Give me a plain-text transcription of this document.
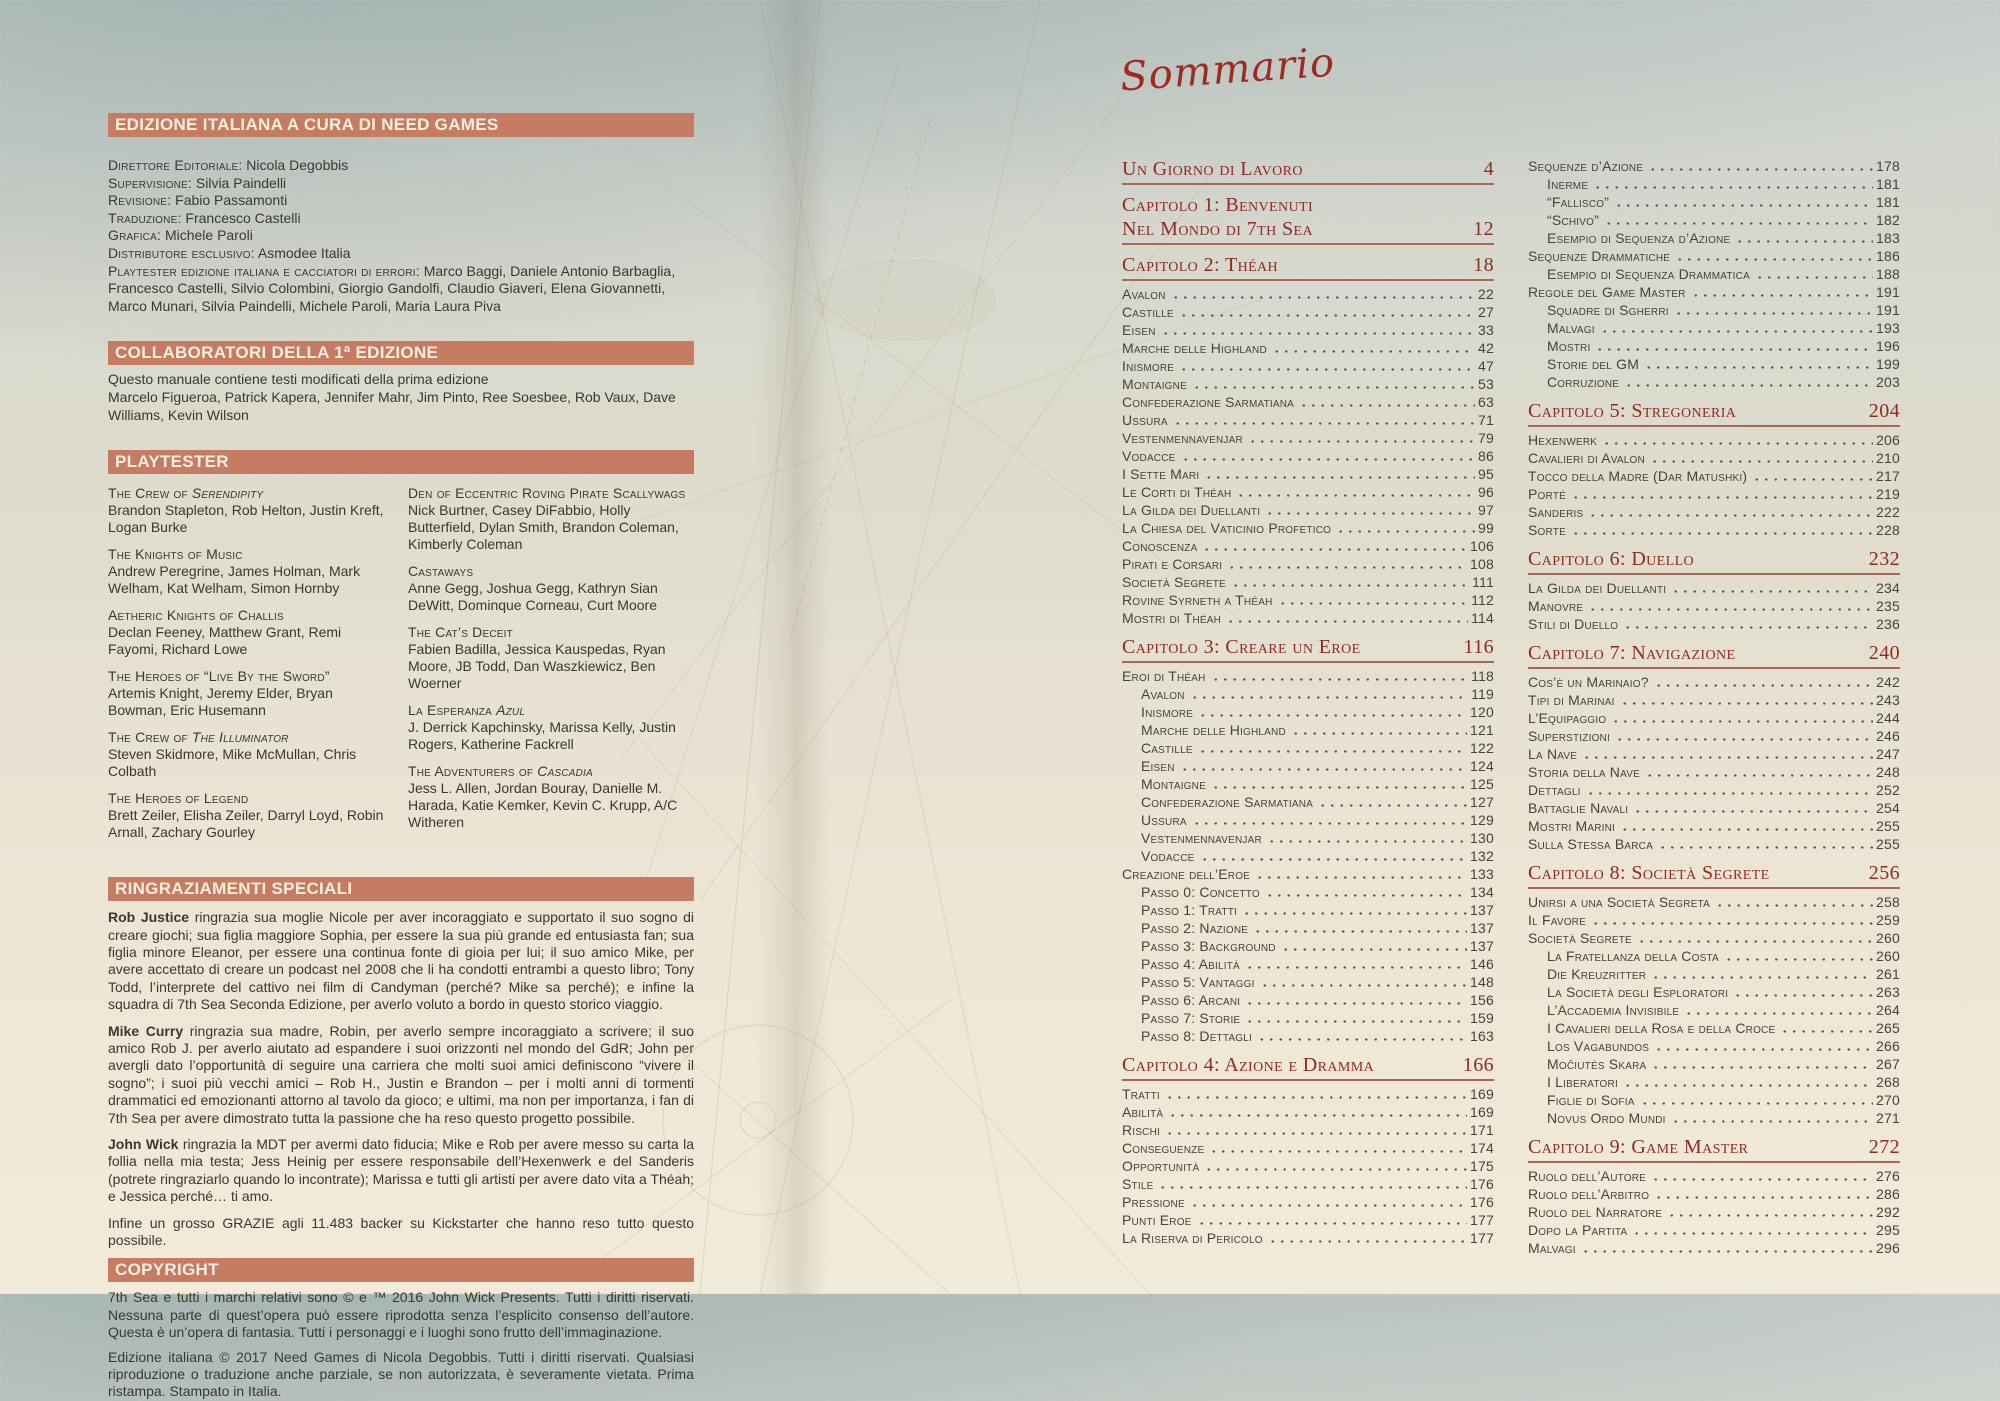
EDIZIONE ITALIANA A CURA DI NEED GAMES
Direttore Editoriale: Nicola Degobbis
Supervisione: Silvia Paindelli
Revisione: Fabio Passamonti
Traduzione: Francesco Castelli
Grafica: Michele Paroli
Distributore esclusivo: Asmodee Italia
Playtester edizione italiana e cacciatori di errori: Marco Baggi, Daniele Antonio Barbaglia, Francesco Castelli, Silvio Colombini, Giorgio Gandolfi, Claudio Giaveri, Elena Giovannetti, Marco Munari, Silvia Paindelli, Michele Paroli, Maria Laura Piva
COLLABORATORI DELLA 1ª EDIZIONE
Questo manuale contiene testi modificati della prima edizione
Marcelo Figueroa, Patrick Kapera, Jennifer Mahr, Jim Pinto, Ree Soesbee, Rob Vaux, Dave Williams, Kevin Wilson
PLAYTESTER
The Crew of Serendipity
Brandon Stapleton, Rob Helton, Justin Kreft, Logan Burke
The Knights of Music
Andrew Peregrine, James Holman, Mark Welham, Kat Welham, Simon Hornby
Aetheric Knights of Challis
Declan Feeney, Matthew Grant, Remi Fayomi, Richard Lowe
The Heroes of “Live By the Sword”
Artemis Knight, Jeremy Elder, Bryan Bowman, Eric Husemann
The Crew of The Illuminator
Steven Skidmore, Mike McMullan, Chris Colbath
The Heroes of Legend
Brett Zeiler, Elisha Zeiler, Darryl Loyd, Robin Arnall, Zachary Gourley
Den of Eccentric Roving Pirate Scallywags
Nick Burtner, Casey DiFabbio, Holly Butterfield, Dylan Smith, Brandon Coleman, Kimberly Coleman
Castaways
Anne Gegg, Joshua Gegg, Kathryn Sian DeWitt, Dominque Corneau, Curt Moore
The Cat’s Deceit
Fabien Badilla, Jessica Kauspedas, Ryan Moore, JB Todd, Dan Waszkiewicz, Ben Woerner
La Esperanza Azul
J. Derrick Kapchinsky, Marissa Kelly, Justin Rogers, Katherine Fackrell
The Adventurers of Cascadia
Jess L. Allen, Jordan Bouray, Danielle M. Harada, Katie Kemker, Kevin C. Krupp, A/C Witheren
RINGRAZIAMENTI SPECIALI

Rob Justice ringrazia sua moglie Nicole per aver incoraggiato e supportato il suo sogno di creare giochi; sua figlia maggiore Sophia, per essere la sua più grande ed entusiasta fan; sua figlia minore Eleanor, per essere una continua fonte di gioia per lui; il suo amico Mike, per avere accettato di creare un podcast nel 2008 che li ha condotti entrambi a questo libro; Tony Todd, l’interprete del cattivo nei film di Candyman (perché? Mike sa perché); e infine la squadra di 7th Sea Seconda Edizione, per averlo voluto a bordo in questo storico viaggio.

Mike Curry ringrazia sua madre, Robin, per averlo sempre incoraggiato a scrivere; il suo amico Rob J. per averlo aiutato ad espandere i suoi orizzonti nel mondo del GdR; John per avergli dato l’opportunità di seguire una carriera che molti suoi amici definiscono “vivere il sogno”; i suoi più vecchi amici – Rob H., Justin e Brandon – per i molti anni di tormenti drammatici ed emozionanti attorno al tavolo da gioco; e ultimi, ma non per importanza, i fan di 7th Sea per avere dimostrato tutta la passione che ha reso questo progetto possibile.

John Wick ringrazia la MDT per avermi dato fiducia; Mike e Rob per avere messo su carta la follia nella mia testa; Jess Heinig per essere responsabile dell’Hexenwerk e del Sanderis (potrete ringraziarlo quando lo incontrate); Marissa e tutti gli artisti per avere dato vita a Théah; e Jessica perché… ti amo.

Infine un grosso GRAZIE agli 11.483 backer su Kickstarter che hanno reso tutto questo possibile.

COPYRIGHT

7th Sea e tutti i marchi relativi sono © e ™ 2016 John Wick Presents. Tutti i diritti riservati. Nessuna parte di quest’opera può essere riprodotta senza l’esplicito consenso dell’autore. Questa è un’opera di fantasia. Tutti i personaggi e i luoghi sono frutto dell’immaginazione.

Edizione italiana © 2017 Need Games di Nicola Degobbis. Tutti i diritti riservati. Qualsiasi riproduzione o traduzione anche parziale, se non autorizzata, è severamente vietata. Prima ristampa. Stampato in Italia.

Sommario
Un Giorno di Lavoro	4
Capitolo 1: Benvenuti
Nel Mondo di 7th Sea	12
Capitolo 2: Théah	18
Avalon	22
Castille	27
Eisen	33
Marche delle Highland	42
Inismore	47
Montaigne	53
Confederazione Sarmatiana	63
Ussura	71
Vestenmennavenjar	79
Vodacce	86
I Sette Mari	95
Le Corti di Théah	96
La Gilda dei Duellanti	97
La Chiesa del Vaticinio Profetico	99
Conoscenza	106
Pirati e Corsari	108
Società Segrete	111
Rovine Syrneth a Théah	112
Mostri di Théah	114
Capitolo 3: Creare un Eroe	116
Eroi di Théah	118
Avalon	119
Inismore	120
Marche delle Highland	121
Castille	122
Eisen	124
Montaigne	125
Confederazione Sarmatiana	127
Ussura	129
Vestenmennavenjar	130
Vodacce	132
Creazione dell’Eroe	133
Passo 0: Concetto	134
Passo 1: Tratti	137
Passo 2: Nazione	137
Passo 3: Background	137
Passo 4: Abilità	146
Passo 5: Vantaggi	148
Passo 6: Arcani	156
Passo 7: Storie	159
Passo 8: Dettagli	163
Capitolo 4: Azione e Dramma	166
Tratti	169
Abilità	169
Rischi	171
Conseguenze	174
Opportunità	175
Stile	176
Pressione	176
Punti Eroe	177
La Riserva di Pericolo	177
Sequenze d’Azione	178
Inerme	181
“Fallisco”	181
“Schivo”	182
Esempio di Sequenza d’Azione	183
Sequenze Drammatiche	186
Esempio di Sequenza Drammatica	188
Regole del Game Master	191
Squadre di Sgherri	191
Malvagi	193
Mostri	196
Storie del GM	199
Corruzione	203
Capitolo 5: Stregoneria	204
Hexenwerk	206
Cavalieri di Avalon	210
Tocco della Madre (Dar Matushki)	217
Porté	219
Sanderis	222
Sorte	228
Capitolo 6: Duello	232
La Gilda dei Duellanti	234
Manovre	235
Stili di Duello	236
Capitolo 7: Navigazione	240
Cos’è un Marinaio?	242
Tipi di Marinai	243
L’Equipaggio	244
Superstizioni	246
La Nave	247
Storia della Nave	248
Dettagli	252
Battaglie Navali	254
Mostri Marini	255
Sulla Stessa Barca	255
Capitolo 8: Società Segrete	256
Unirsi a una Società Segreta	258
Il Favore	259
Società Segrete	260
La Fratellanza della Costa	260
Die Kreuzritter	261
La Società degli Esploratori	263
L’Accademia Invisibile	264
I Cavalieri della Rosa e della Croce	265
Los Vagabundos	266
Močiutės Skara	267
I Liberatori	268
Figlie di Sofia	270
Novus Ordo Mundi	271
Capitolo 9: Game Master	272
Ruolo dell’Autore	276
Ruolo dell’Arbitro	286
Ruolo del Narratore	292
Dopo la Partita	295
Malvagi	296
